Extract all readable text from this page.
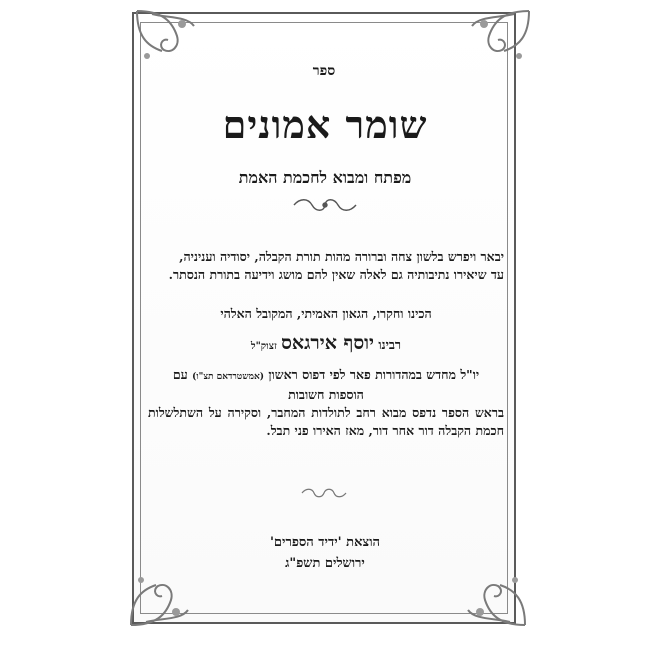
ספר
שומר אמונים
מפתח ומבוא לחכמת האמת
יבאר ויפרש בלשון צחה וברורה מהות תורת הקבלה, יסודיה ועניניה,
עד שיאירו נתיבותיה גם לאלה שאין להם מושג וידיעה בתורת הנסתר.
הכינו וחקרו, הגאון האמיתי, המקובל האלהי
רבינו יוסף אירגאס זצוק"ל
יו"ל מחדש במהדורות פאר לפי דפוס ראשון (אמשטרדאם תצ"ו) עם
הוספות חשובות
בראש הספר נדפס מבוא רחב לתולדות המחבר, וסקירה על השתלשלות חכמת הקבלה דור אחר דור, מאז האירו פני תבל.
הוצאת 'ידיד הספרים'
ירושלים תשפ"ג
